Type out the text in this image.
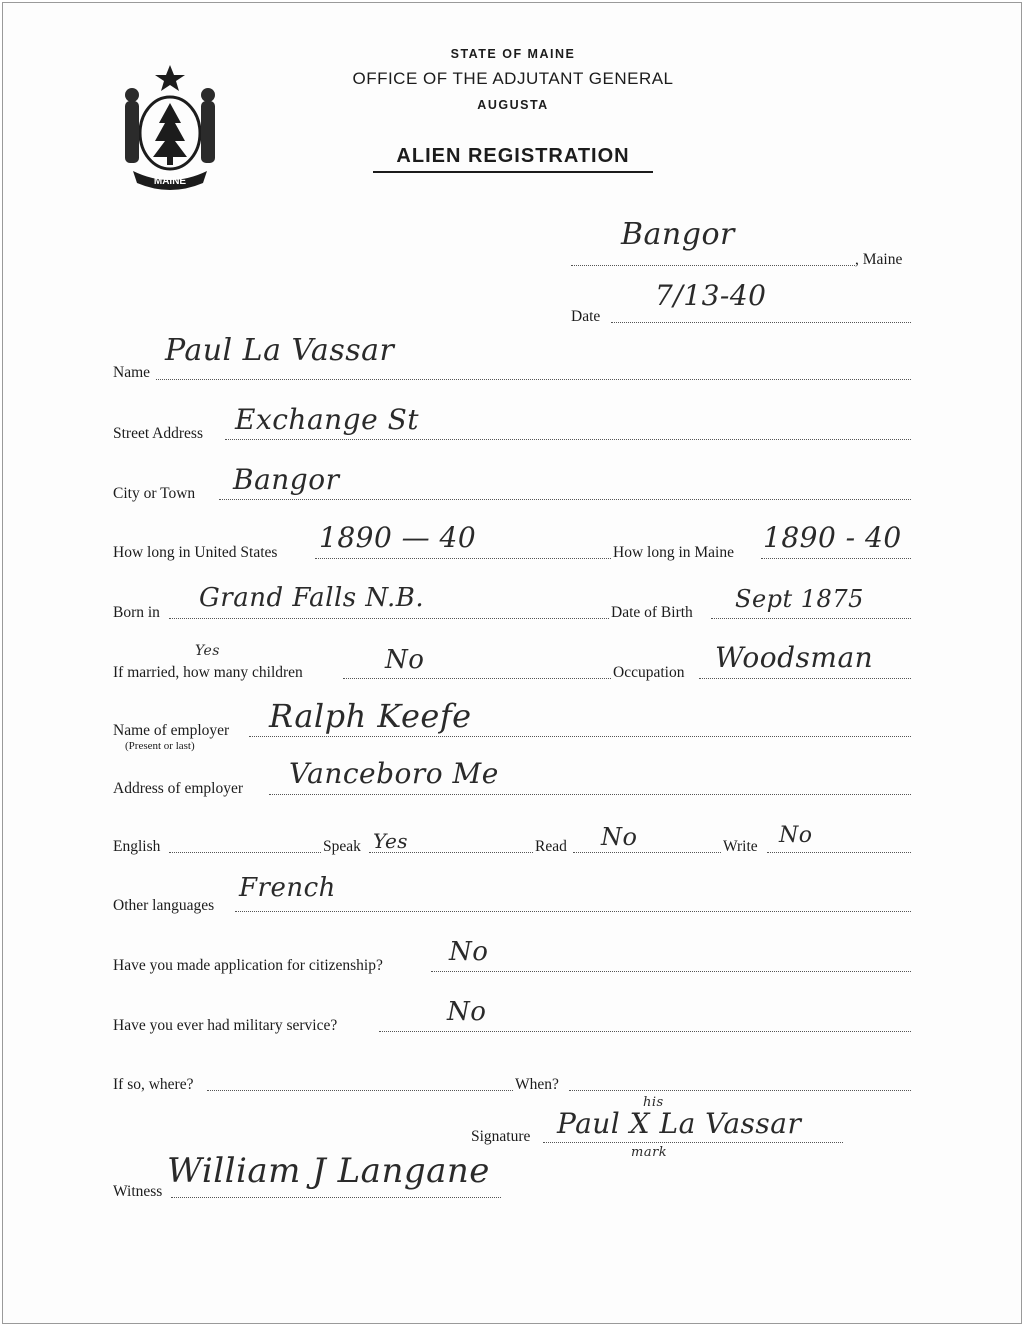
MAINE
STATE OF MAINE
OFFICE OF THE ADJUTANT GENERAL
AUGUSTA
ALIEN REGISTRATION
Bangor
, Maine
Date
7/13-40
Name
Paul La Vassar
Street Address Exchange St
City or Town Bangor
How long in United States 1890 — 40	How long in Maine 1890 - 40
Born in Grand Falls N.B.	Date of Birth Sept 1875
Yes
If married, how many children	No	Occupation Woodsman
Name of employer
(Present or last)
Ralph Keefe
Address of employer Vanceboro Me
English	Speak Yes	Read No	Write No
Other languages
French
Have you made application for citizenship?	No
Have you ever had military service?	No
If so, where?	When?
his
Signature Paul X La Vassar
mark
Witness
William J Langane
